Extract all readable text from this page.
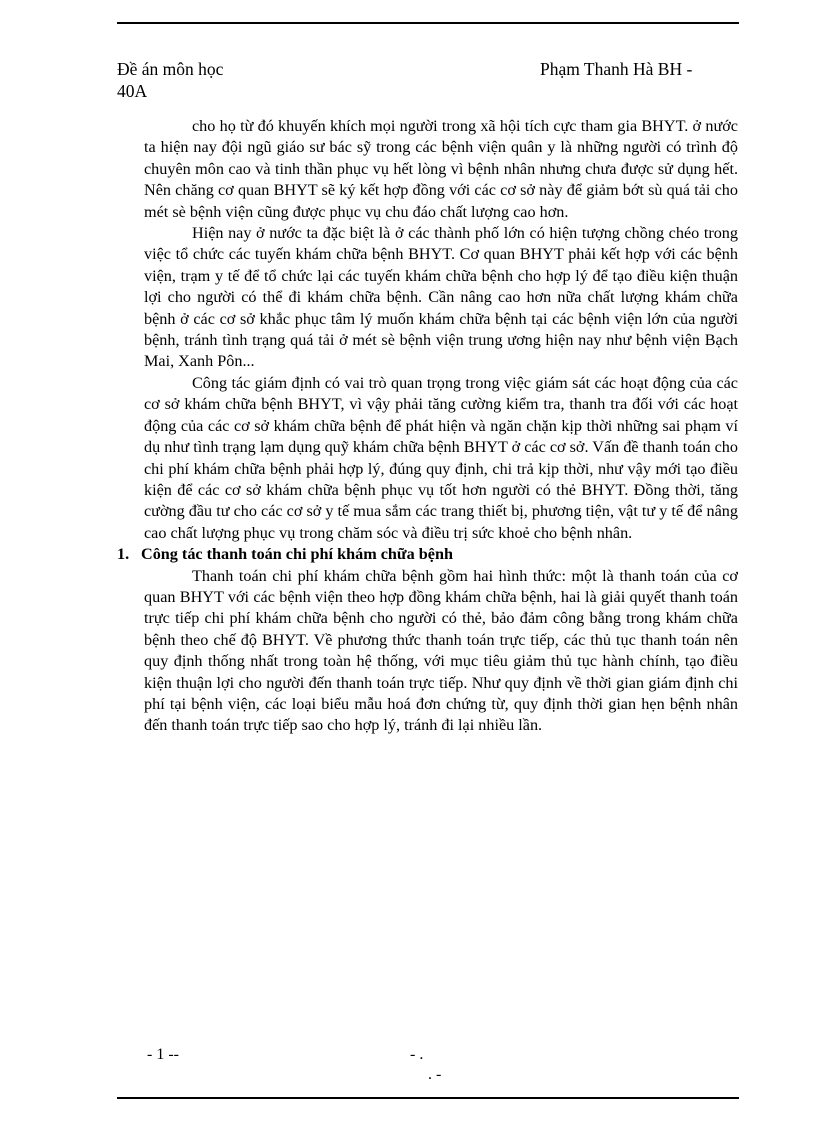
Đề án môn học
40A
Phạm Thanh Hà BH -

cho họ từ đó khuyến khích mọi người trong xã hội tích cực tham gia BHYT. ở nước ta hiện nay đội ngũ giáo sư bác sỹ trong các bệnh viện quân y là những người có trình độ chuyên môn cao và tinh thần phục vụ hết lòng vì bệnh nhân nhưng chưa được sử dụng hết. Nên chăng cơ quan BHYT sẽ ký kết hợp đồng với các cơ sở này để giảm bớt sù quá tải cho mét sè bệnh viện cũng được phục vụ chu đáo chất lượng cao hơn.

Hiện nay ở nước ta đặc biệt là ở các thành phố lớn có hiện tượng chồng chéo trong việc tổ chức các tuyến khám chữa bệnh BHYT. Cơ quan BHYT phải kết hợp với các bệnh viện, trạm y tế để tổ chức lại các tuyến khám chữa bệnh cho hợp lý để tạo điều kiện thuận lợi cho người có thể đi khám chữa bệnh. Cần nâng cao hơn nữa chất lượng khám chữa bệnh ở các cơ sở khắc phục tâm lý muốn khám chữa bệnh tại các bệnh viện lớn của người bệnh, tránh tình trạng quá tải ở mét sè bệnh viện trung ương hiện nay như bệnh viện Bạch Mai, Xanh Pôn...

Công tác giám định có vai trò quan trọng trong việc giám sát các hoạt động của các cơ sở khám chữa bệnh BHYT, vì vậy phải tăng cường kiểm tra, thanh tra đối với các hoạt động của các cơ sở khám chữa bệnh để phát hiện và ngăn chặn kịp thời những sai phạm ví dụ như tình trạng lạm dụng quỹ khám chữa bệnh BHYT ở các cơ sở. Vấn đề thanh toán cho chi phí khám chữa bệnh phải hợp lý, đúng quy định, chi trả kịp thời, như vậy mới tạo điều kiện để các cơ sở khám chữa bệnh phục vụ tốt hơn người có thẻ BHYT. Đồng thời, tăng cường đầu tư cho các cơ sở y tế mua sắm các trang thiết bị, phương tiện, vật tư y tế để nâng cao chất lượng phục vụ trong chăm sóc và điều trị sức khoẻ cho bệnh nhân.

1. Công tác thanh toán chi phí khám chữa bệnh

Thanh toán chi phí khám chữa bệnh gồm hai hình thức: một là thanh toán của cơ quan BHYT với các bệnh viện theo hợp đồng khám chữa bệnh, hai là giải quyết thanh toán trực tiếp chi phí khám chữa bệnh cho người có thẻ, bảo đảm công bằng trong khám chữa bệnh theo chế độ BHYT. Về phương thức thanh toán trực tiếp, các thủ tục thanh toán nên quy định thống nhất trong toàn hệ thống, với mục tiêu giảm thủ tục hành chính, tạo điều kiện thuận lợi cho người đến thanh toán trực tiếp. Như quy định về thời gian giám định chi phí tại bệnh viện, các loại biểu mẫu hoá đơn chứng từ, quy định thời gian hẹn bệnh nhân đến thanh toán trực tiếp sao cho hợp lý, tránh đi lại nhiều lần.

- 1 --	- .
. -
